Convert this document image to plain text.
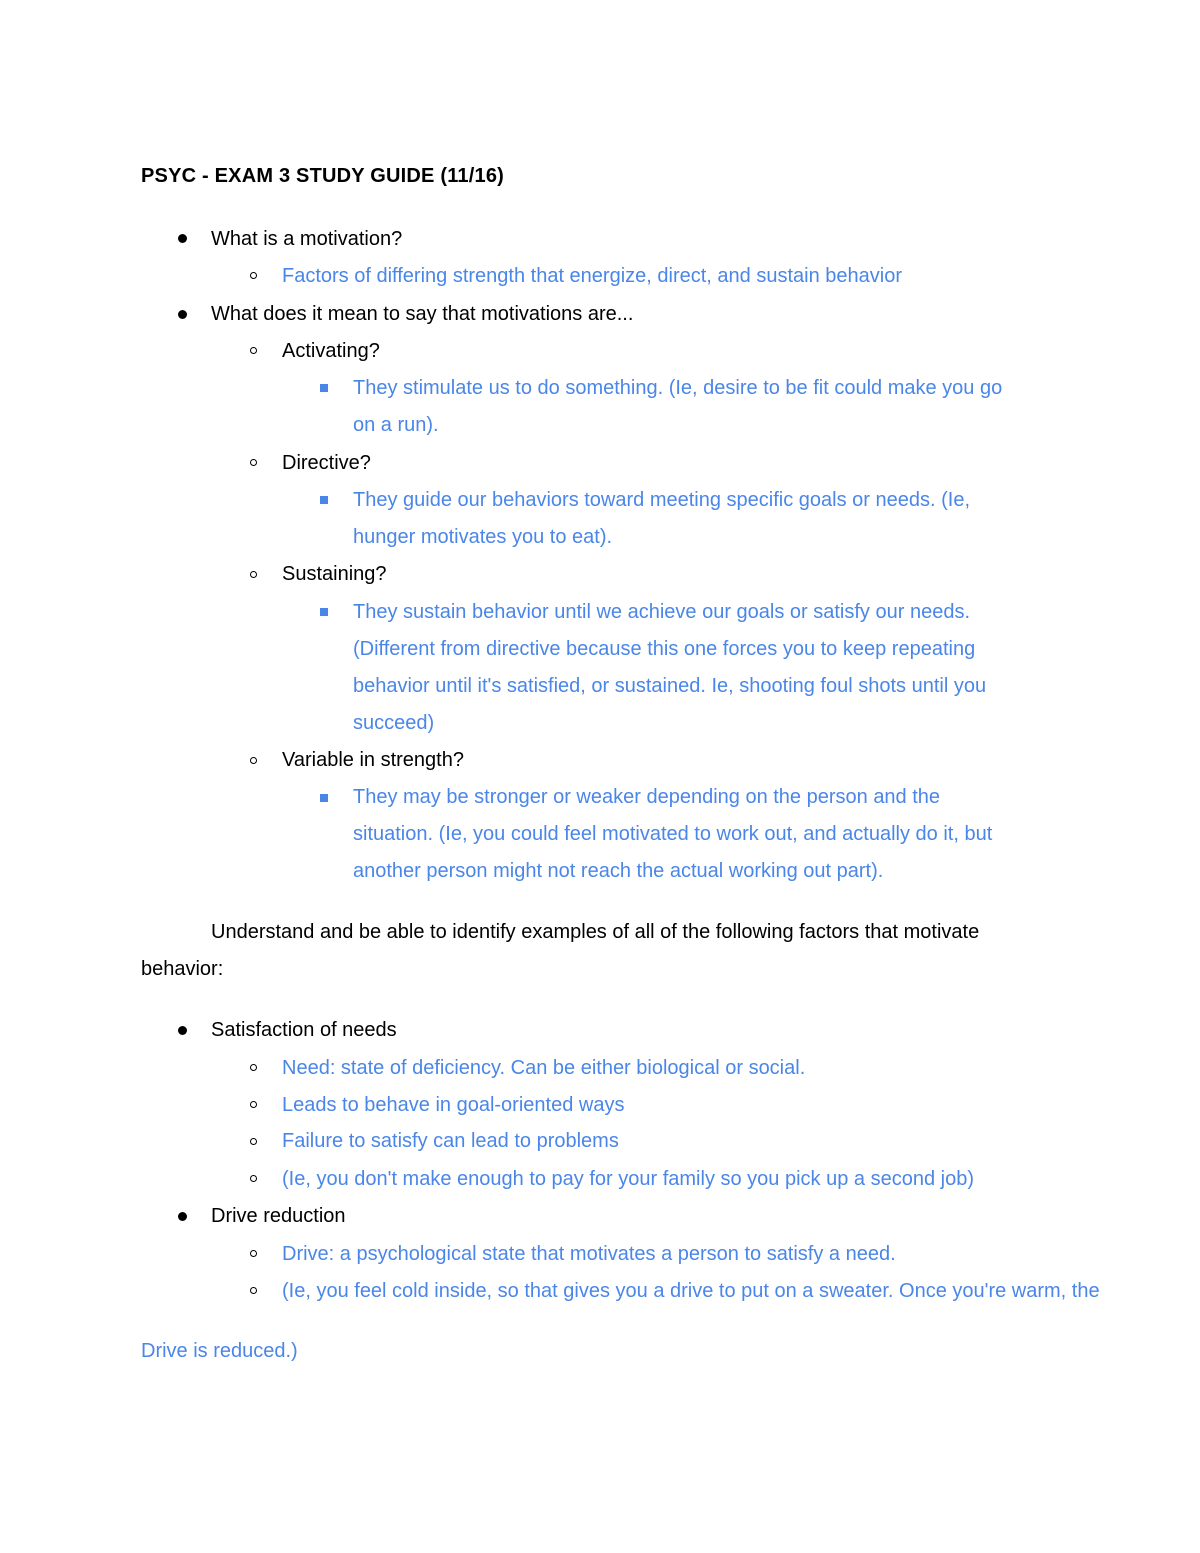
PSYC - EXAM 3 STUDY GUIDE (11/16)
What is a motivation?
Factors of differing strength that energize, direct, and sustain behavior
What does it mean to say that motivations are...
Activating?
They stimulate us to do something. (Ie, desire to be fit could make you go
on a run).
Directive?
They guide our behaviors toward meeting specific goals or needs. (Ie,
hunger motivates you to eat).
Sustaining?
They sustain behavior until we achieve our goals or satisfy our needs.
(Different from directive because this one forces you to keep repeating
behavior until it's satisfied, or sustained. Ie, shooting foul shots until you
succeed)
Variable in strength?
They may be stronger or weaker depending on the person and the
situation. (Ie, you could feel motivated to work out, and actually do it, but
another person might not reach the actual working out part).
Understand and be able to identify examples of all of the following factors that motivate
behavior:
Satisfaction of needs
Need: state of deficiency. Can be either biological or social.
Leads to behave in goal-oriented ways
Failure to satisfy can lead to problems
(Ie, you don't make enough to pay for your family so you pick up a second job)
Drive reduction
Drive: a psychological state that motivates a person to satisfy a need.
(Ie, you feel cold inside, so that gives you a drive to put on a sweater. Once you're warm, the
Drive is reduced.)
